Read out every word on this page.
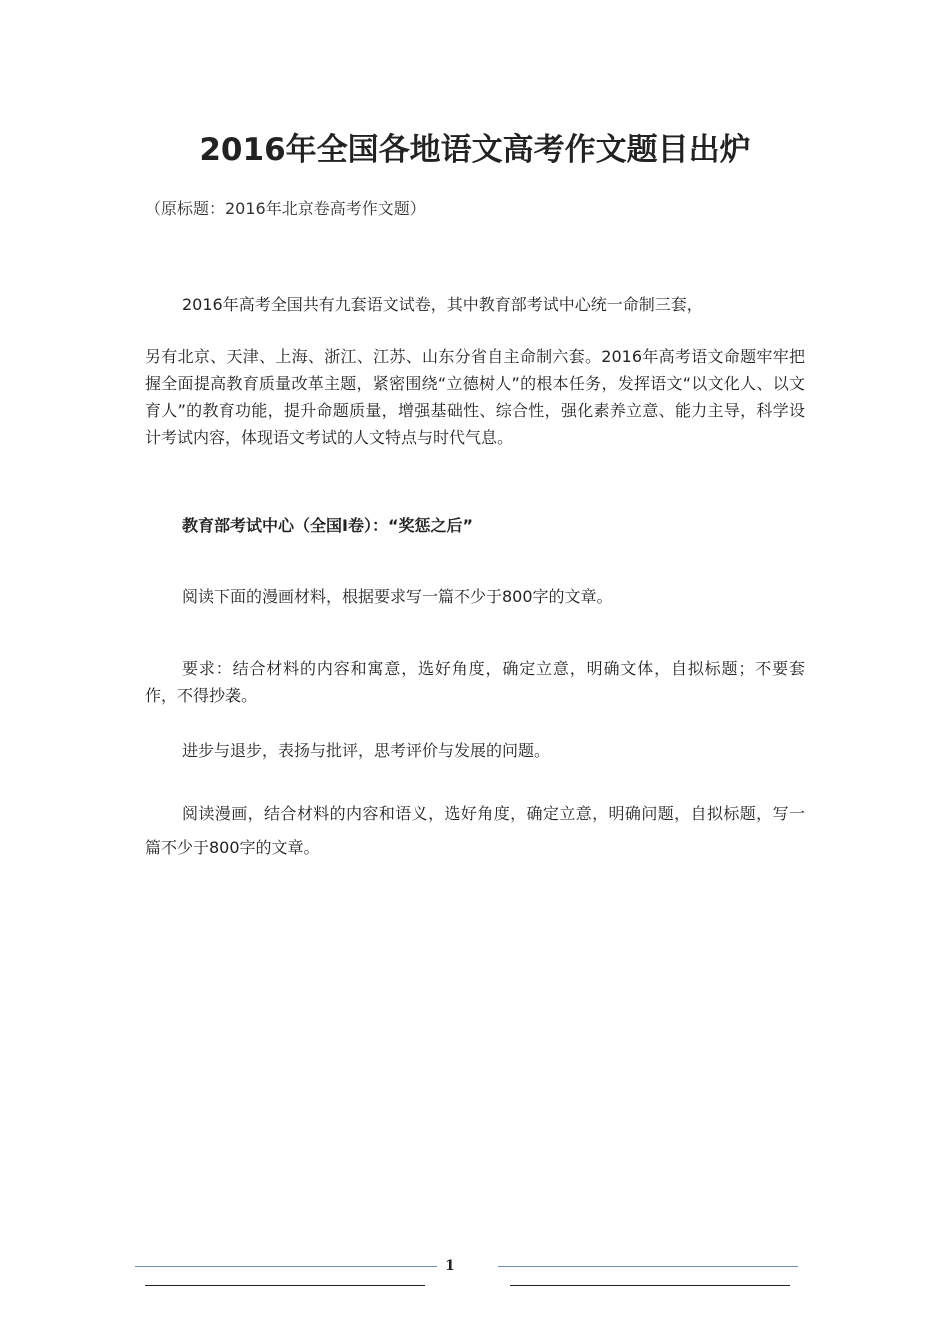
2016年全国各地语文高考作文题目出炉
（原标题：2016年北京卷高考作文题）

2016年高考全国共有九套语文试卷，其中教育部考试中心统一命制三套，
另有北京、天津、上海、浙江、江苏、山东分省自主命制六套。2016年高考语文命题牢牢把握全面提高教育质量改革主题，紧密围绕“立德树人”的根本任务，发挥语文“以文化人、以文育人”的教育功能，提升命题质量，增强基础性、综合性，强化素养立意、能力主导，科学设计考试内容，体现语文考试的人文特点与时代气息。

教育部考试中心（全国Ⅰ卷）：“奖惩之后”

阅读下面的漫画材料，根据要求写一篇不少于800字的文章。

要求：结合材料的内容和寓意，选好角度，确定立意，明确文体，自拟标题；不要套作，不得抄袭。

进步与退步，表扬与批评，思考评价与发展的问题。

阅读漫画，结合材料的内容和语义，选好角度，确定立意，明确问题，自拟标题，写一篇不少于800字的文章。

1
